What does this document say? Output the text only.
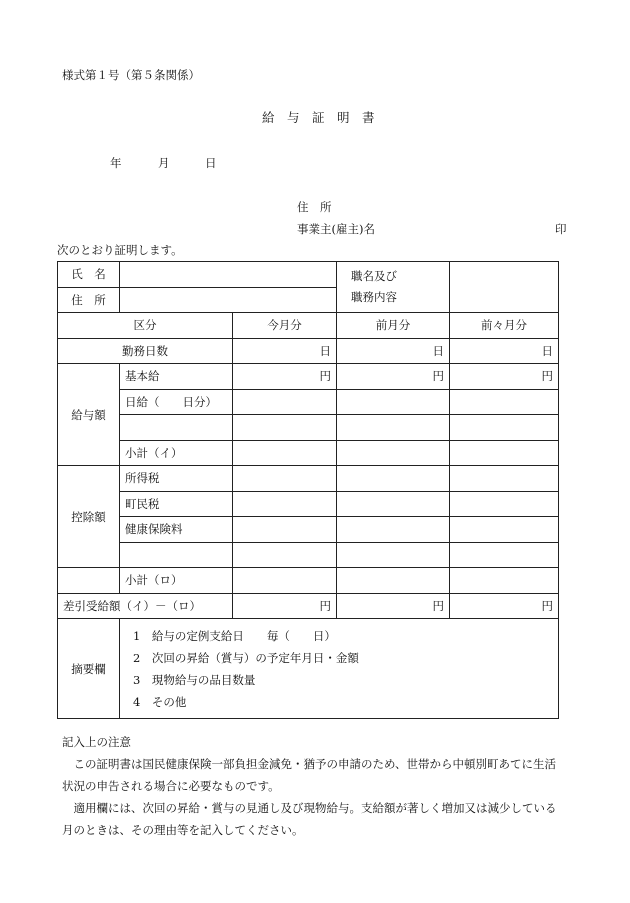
様式第１号（第５条関係）
給　与　証　明　書
年	月	日
住　所
事業主(雇主)名	印
次のとおり証明します。
氏　名			職名及び
職務内容	

住　所				
区分		今月分	前月分	前々月分
勤務日数		日	日	日
給与額	基本給	円	円	円
	日給（　　日分）			

	小計（イ）			
控除額	所得税			
	町民税			
	健康保険料			

	小計（ロ）			
差引受給額（イ）－（ロ）		円	円	円
摘要欄	1　給与の定例支給日　　毎（　　日）
2　次回の昇給（賞与）の予定年月日・金額
3　現物給与の品目数量
4　その他			

記入上の注意

この証明書は国民健康保険一部負担金減免・猶予の申請のため、世帯から中頓別町あてに生活状況の申告される場合に必要なものです。

適用欄には、次回の昇給・賞与の見通し及び現物給与。支給額が著しく増加又は減少している月のときは、その理由等を記入してください。
